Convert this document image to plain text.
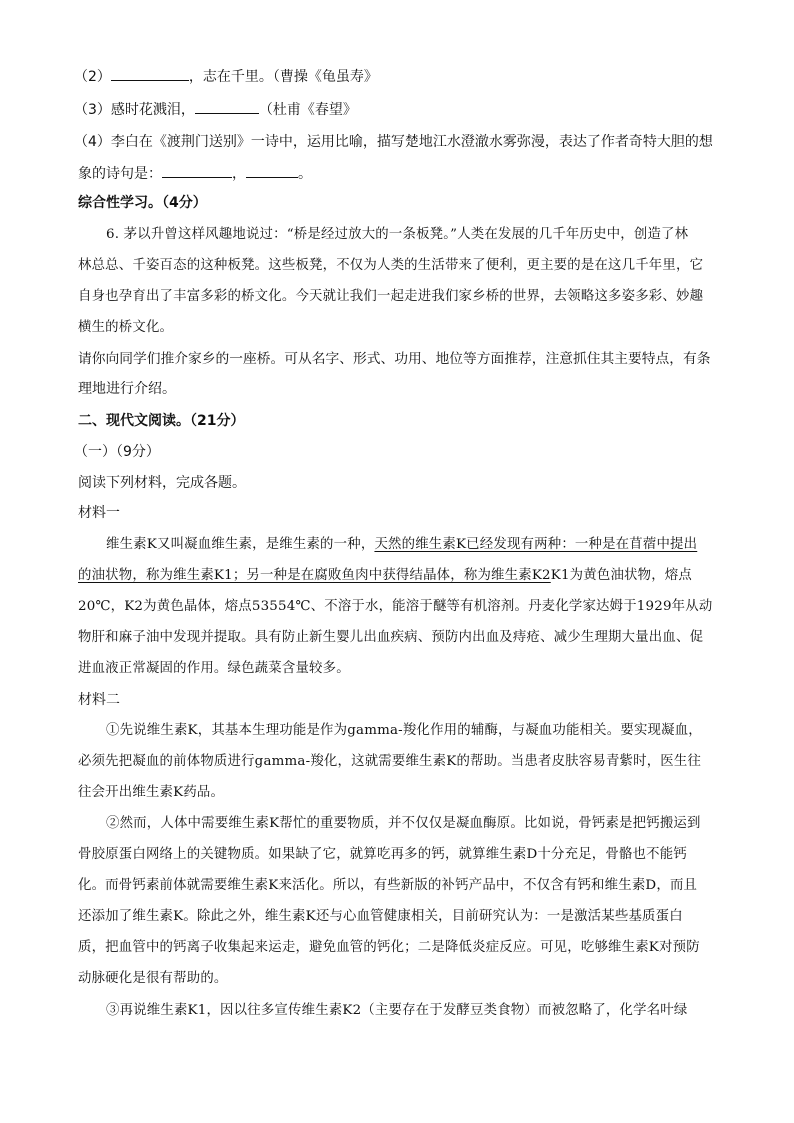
（2）	，志在千里。（曹操《龟虽寿》
（3）感时花溅泪，	（杜甫《春望》
（4）李白在《渡荆门送别》一诗中，运用比喻，描写楚地江水澄澈水雾弥漫，表达了作者奇特大胆的想
象的诗句是：	，	。
综合性学习。（4分）
6. 茅以升曾这样风趣地说过：“桥是经过放大的一条板凳。”人类在发展的几千年历史中，创造了林
林总总、千姿百态的这种板凳。这些板凳，不仅为人类的生活带来了便利，更主要的是在这几千年里，它
自身也孕育出了丰富多彩的桥文化。今天就让我们一起走进我们家乡桥的世界，去领略这多姿多彩、妙趣
横生的桥文化。
请你向同学们推介家乡的一座桥。可从名字、形式、功用、地位等方面推荐，注意抓住其主要特点，有条
理地进行介绍。
二、现代文阅读。（21分）
（一）（9分）
阅读下列材料，完成各题。
材料一
维生素K又叫凝血维生素，是维生素的一种，天然的维生素K已经发现有两种：一种是在苜蓿中提出
的油状物，称为维生素K1；另一种是在腐败鱼肉中获得结晶体，称为维生素K2K1为黄色油状物，熔点
20℃，K2为黄色晶体，熔点53554℃、不溶于水，能溶于醚等有机溶剂。丹麦化学家达姆于1929年从动
物肝和麻子油中发现并提取。具有防止新生婴儿出血疾病、预防内出血及痔疮、减少生理期大量出血、促
进血液正常凝固的作用。绿色蔬菜含量较多。
材料二
①先说维生素K，其基本生理功能是作为gamma-羧化作用的辅酶，与凝血功能相关。要实现凝血，
必须先把凝血的前体物质进行gamma-羧化，这就需要维生素K的帮助。当患者皮肤容易青紫时，医生往
往会开出维生素K药品。
②然而，人体中需要维生素K帮忙的重要物质，并不仅仅是凝血酶原。比如说，骨钙素是把钙搬运到
骨胶原蛋白网络上的关键物质。如果缺了它，就算吃再多的钙，就算维生素D十分充足，骨骼也不能钙
化。而骨钙素前体就需要维生素K来活化。所以，有些新版的补钙产品中，不仅含有钙和维生素D，而且
还添加了维生素K。除此之外，维生素K还与心血管健康相关，目前研究认为：一是激活某些基质蛋白
质，把血管中的钙离子收集起来运走，避免血管的钙化；二是降低炎症反应。可见，吃够维生素K对预防
动脉硬化是很有帮助的。
③再说维生素K1，因以往多宣传维生素K2（主要存在于发酵豆类食物）而被忽略了，化学名叶绿
